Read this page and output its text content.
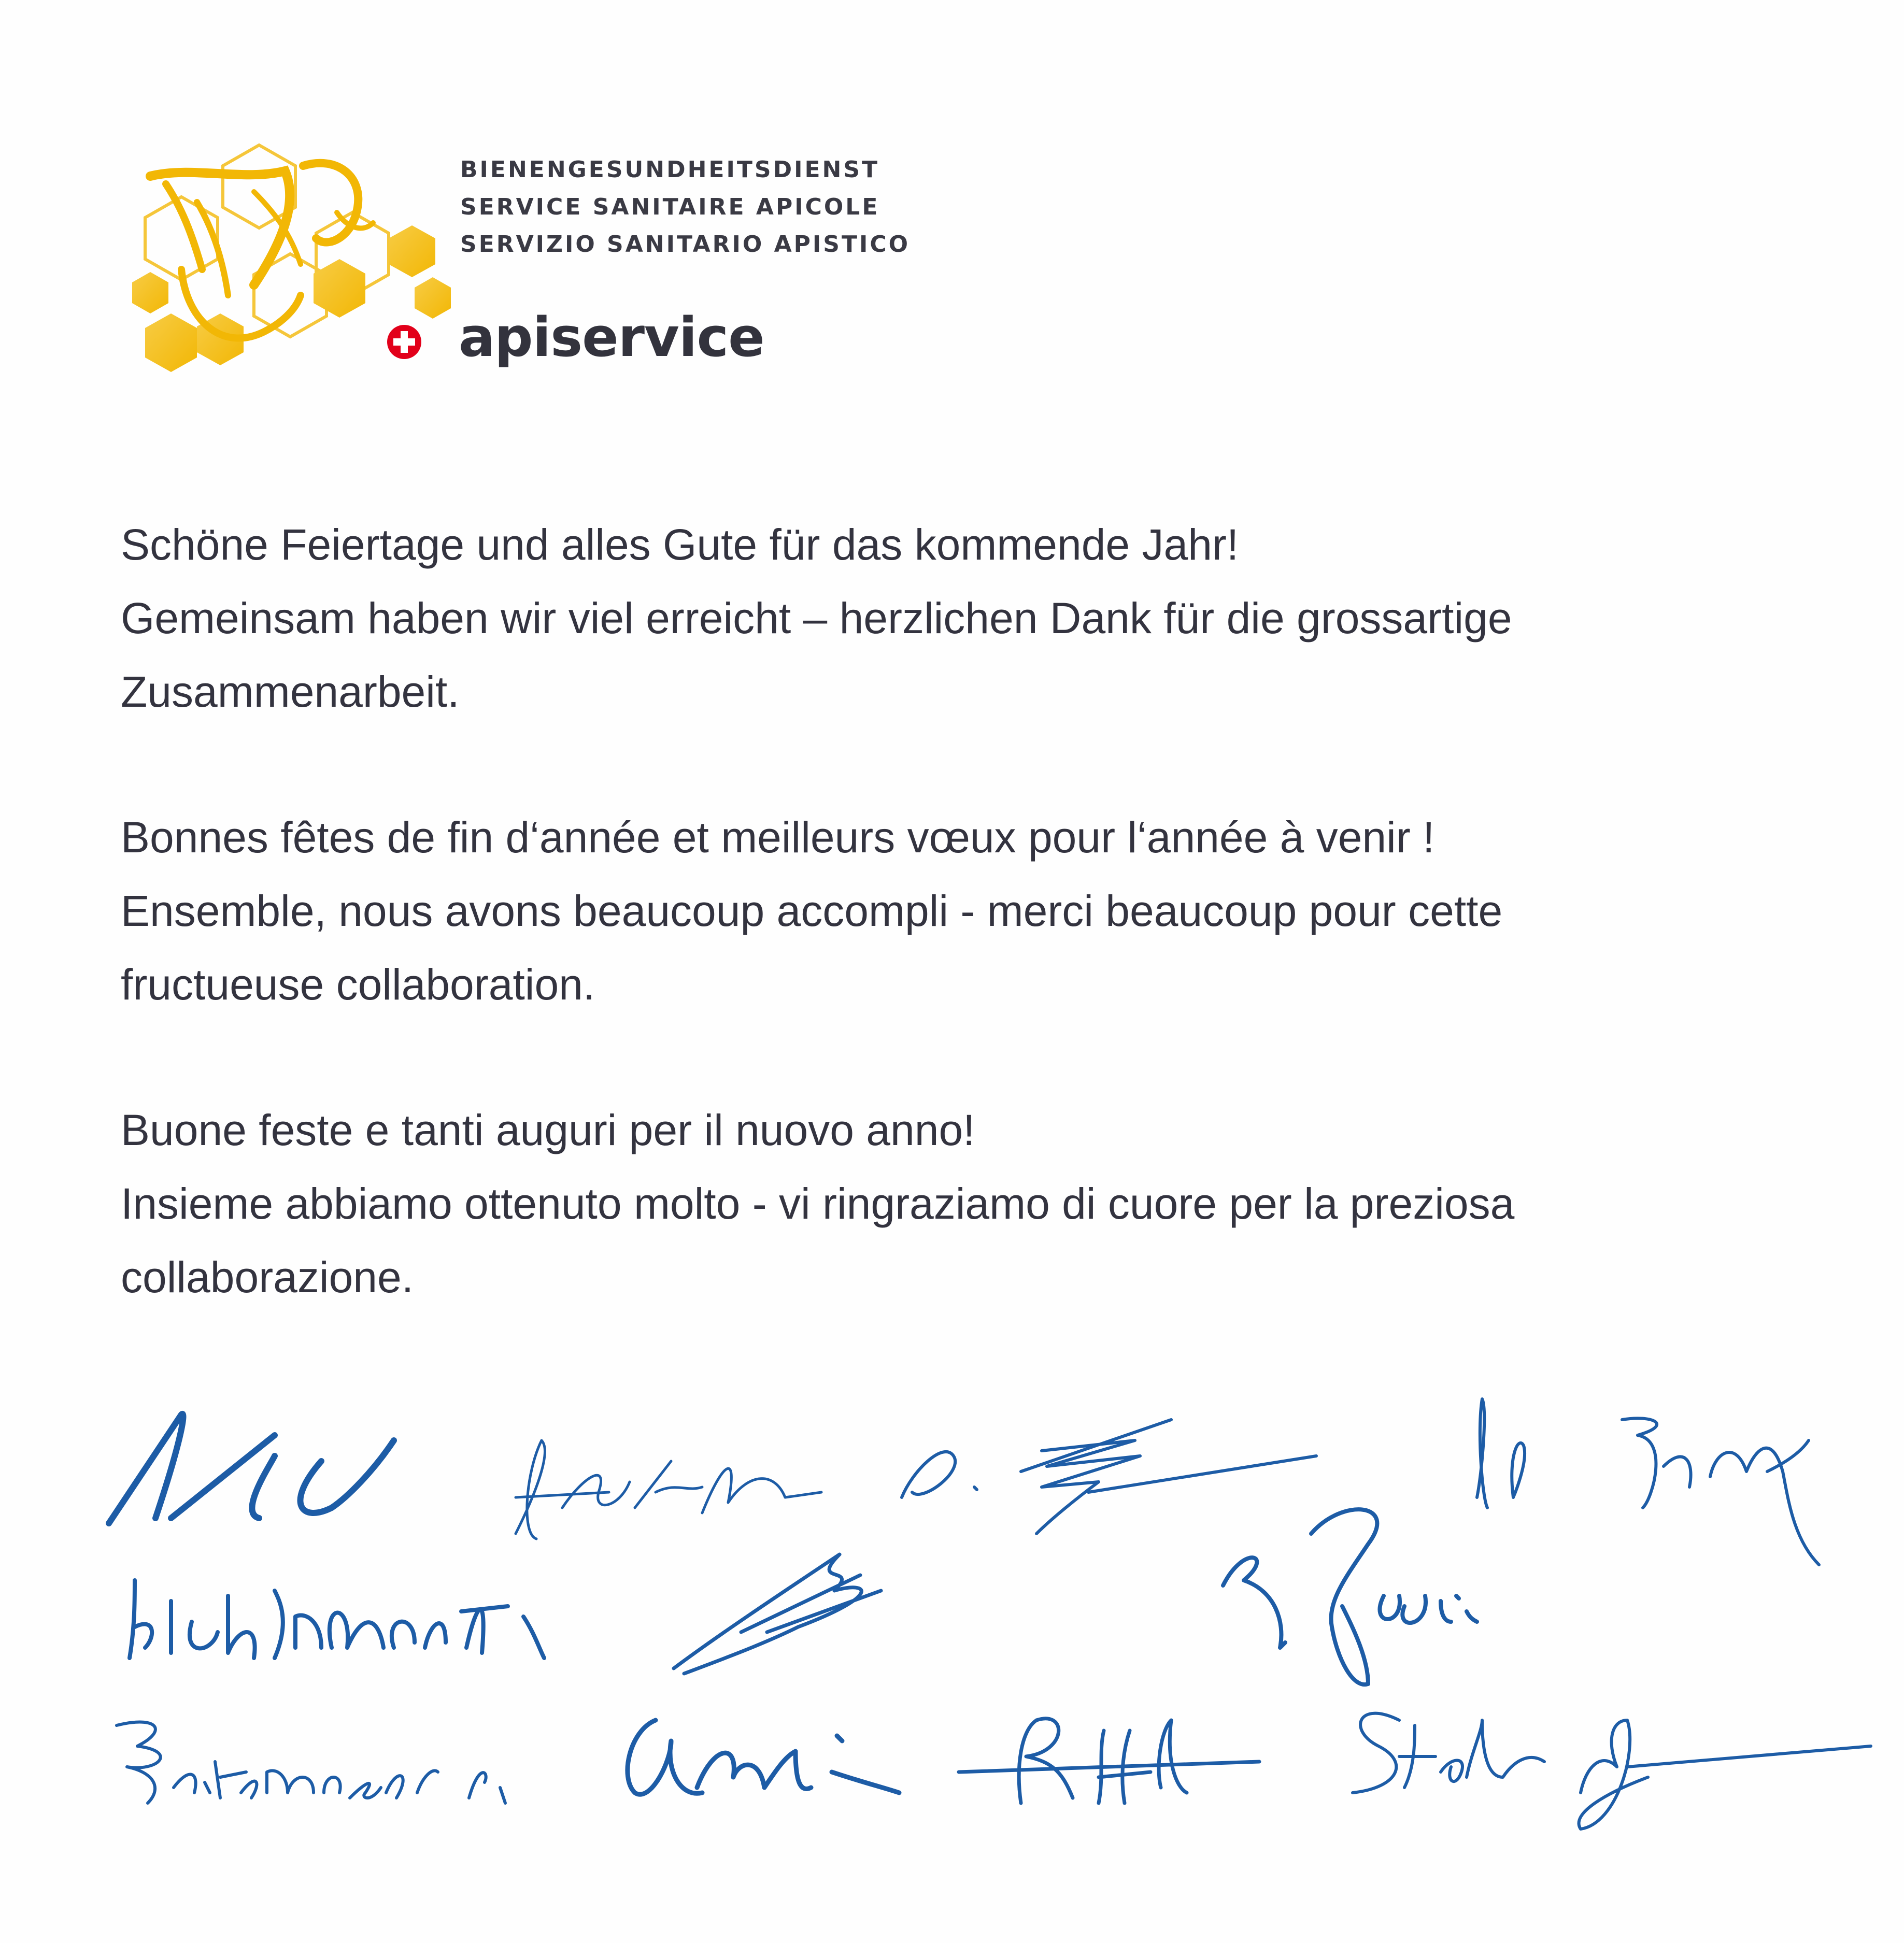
BIENENGESUNDHEITSDIENST
SERVICE SANITAIRE APICOLE
SERVIZIO SANITARIO APISTICO
apiservice

Schöne Feiertage und alles Gute für das kommende Jahr!

Gemeinsam haben wir viel erreicht – herzlichen Dank für die grossartige

Zusammenarbeit.

Bonnes fêtes de fin d‘année et meilleurs vœux pour l‘année à venir !

Ensemble, nous avons beaucoup accompli - merci beaucoup pour cette

fructueuse collaboration.

Buone feste e tanti auguri per il nuovo anno!

Insieme abbiamo ottenuto molto - vi ringraziamo di cuore per la preziosa

collaborazione.
